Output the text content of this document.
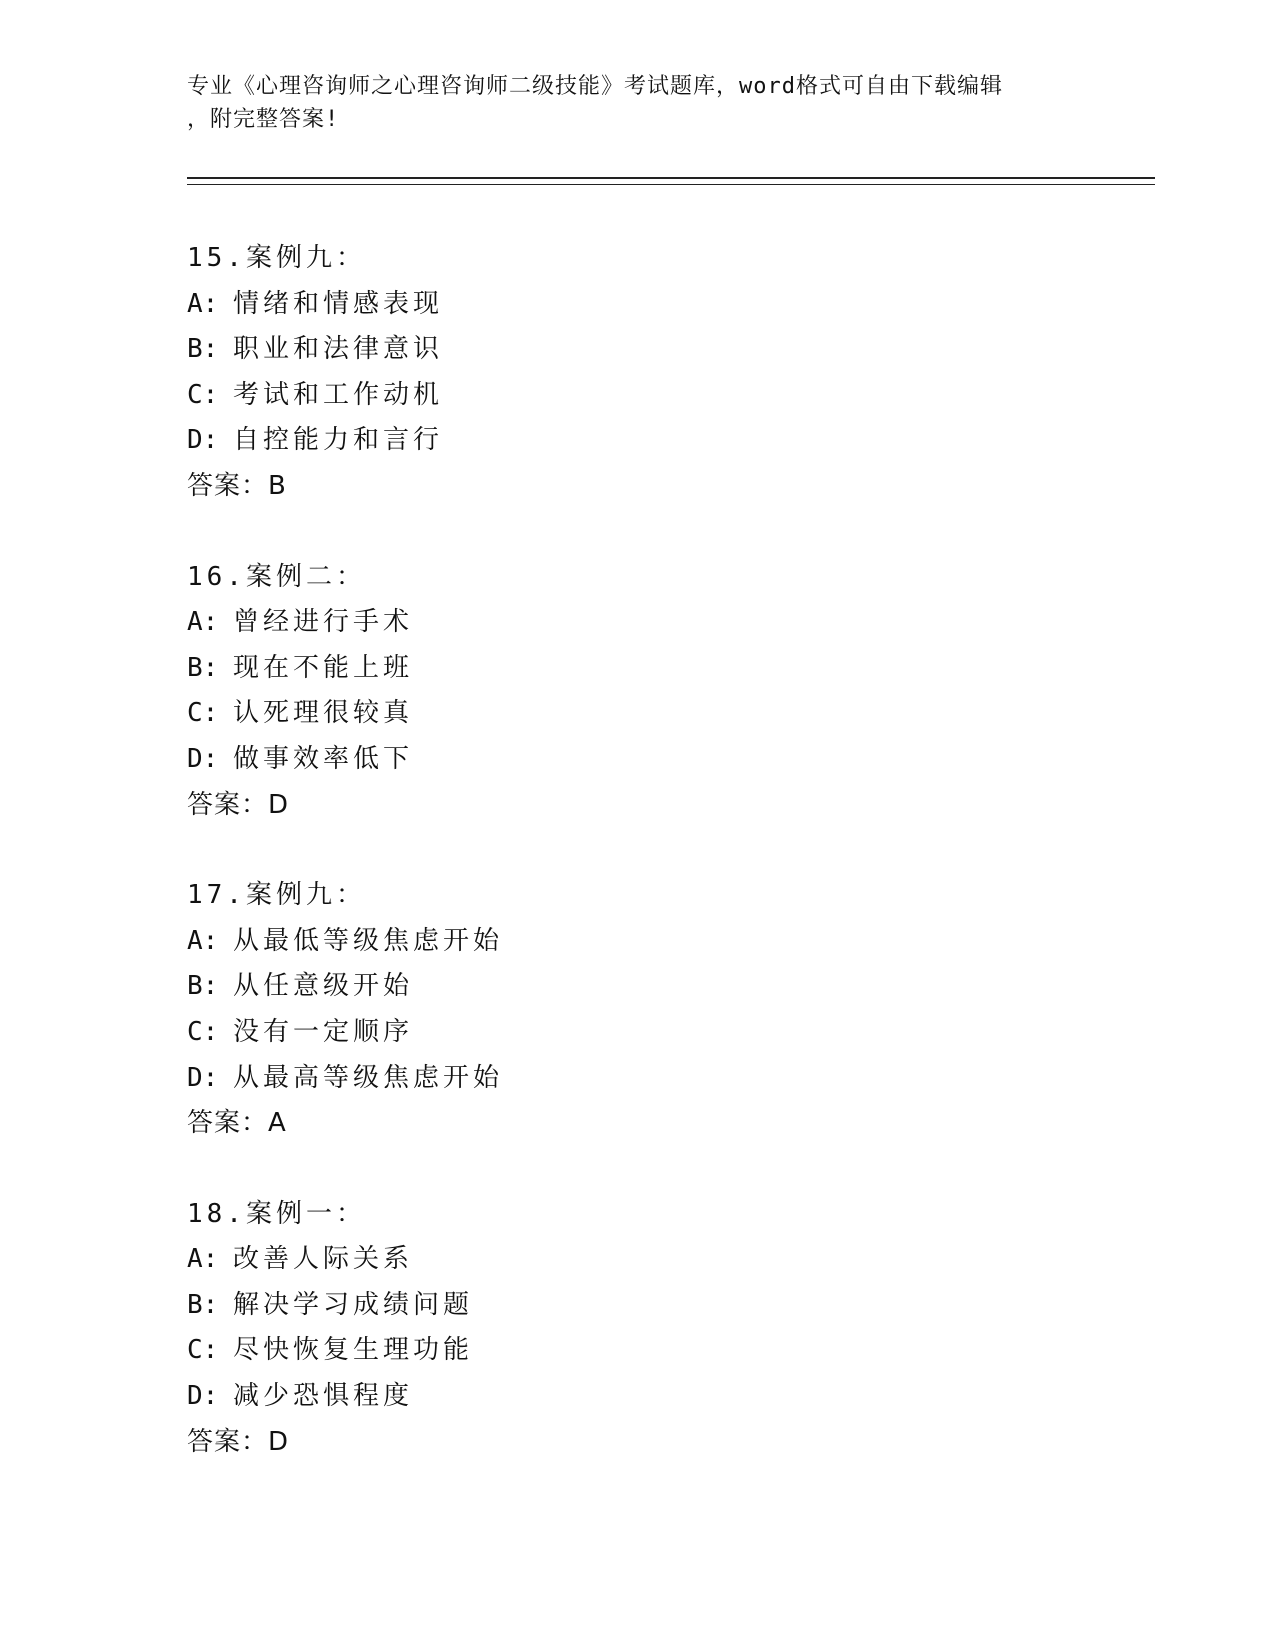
专业《心理咨询师之心理咨询师二级技能》考试题库，word格式可自由下载编辑
，附完整答案!
15.案例九：
A: 情绪和情感表现
B: 职业和法律意识
C: 考试和工作动机
D: 自控能力和言行
答案：B
16.案例二：
A: 曾经进行手术
B: 现在不能上班
C: 认死理很较真
D: 做事效率低下
答案：D
17.案例九：
A: 从最低等级焦虑开始
B: 从任意级开始
C: 没有一定顺序
D: 从最高等级焦虑开始
答案：A
18.案例一：
A: 改善人际关系
B: 解决学习成绩问题
C: 尽快恢复生理功能
D: 减少恐惧程度
答案：D
